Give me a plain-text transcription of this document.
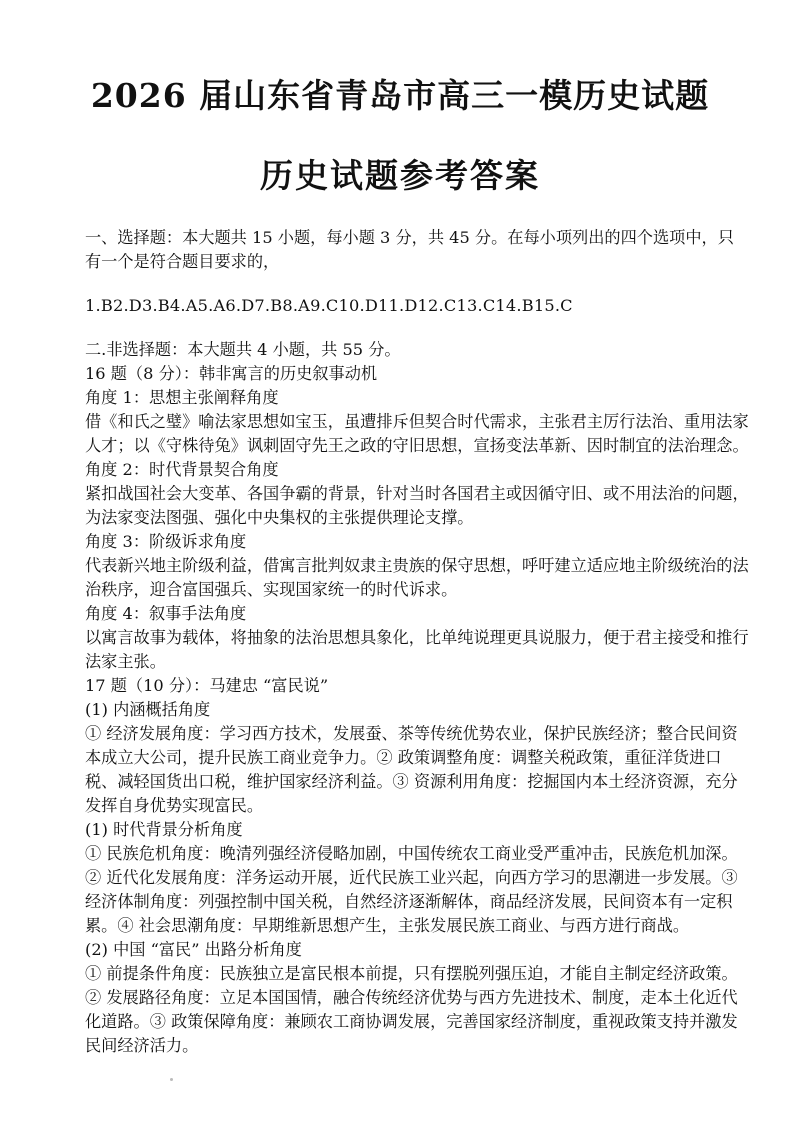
2026 届山东省青岛市高三一模历史试题
历史试题参考答案

一、选择题：本大题共 15 小题，每小题 3 分，共 45 分。在每小项列出的四个选项中，只有一个是符合题目要求的，

1.B2.D3.B4.A5.A6.D7.B8.A9.C10.D11.D12.C13.C14.B15.C

二.非选择题：本大题共 4 小题，共 55 分。

16 题（8 分）：韩非寓言的历史叙事动机

角度 1：思想主张阐释角度

借《和氏之璧》喻法家思想如宝玉，虽遭排斥但契合时代需求，主张君主厉行法治、重用法家人才；以《守株待兔》讽刺固守先王之政的守旧思想，宣扬变法革新、因时制宜的法治理念。

角度 2：时代背景契合角度

紧扣战国社会大变革、各国争霸的背景，针对当时各国君主或因循守旧、或不用法治的问题，为法家变法图强、强化中央集权的主张提供理论支撑。

角度 3：阶级诉求角度

代表新兴地主阶级利益，借寓言批判奴隶主贵族的保守思想，呼吁建立适应地主阶级统治的法治秩序，迎合富国强兵、实现国家统一的时代诉求。

角度 4：叙事手法角度

以寓言故事为载体，将抽象的法治思想具象化，比单纯说理更具说服力，便于君主接受和推行法家主张。

17 题（10 分）：马建忠 “富民说”

(1) 内涵概括角度

① 经济发展角度：学习西方技术，发展蚕、茶等传统优势农业，保护民族经济；整合民间资本成立大公司，提升民族工商业竞争力。② 政策调整角度：调整关税政策，重征洋货进口税、减轻国货出口税，维护国家经济利益。③ 资源利用角度：挖掘国内本土经济资源，充分发挥自身优势实现富民。

(1) 时代背景分析角度

① 民族危机角度：晚清列强经济侵略加剧，中国传统农工商业受严重冲击，民族危机加深。② 近代化发展角度：洋务运动开展，近代民族工业兴起，向西方学习的思潮进一步发展。③ 经济体制角度：列强控制中国关税，自然经济逐渐解体，商品经济发展，民间资本有一定积累。④ 社会思潮角度：早期维新思想产生，主张发展民族工商业、与西方进行商战。

(2) 中国 “富民” 出路分析角度

① 前提条件角度：民族独立是富民根本前提，只有摆脱列强压迫，才能自主制定经济政策。② 发展路径角度：立足本国国情，融合传统经济优势与西方先进技术、制度，走本土化近代化道路。③ 政策保障角度：兼顾农工商协调发展，完善国家经济制度，重视政策支持并激发民间经济活力。
